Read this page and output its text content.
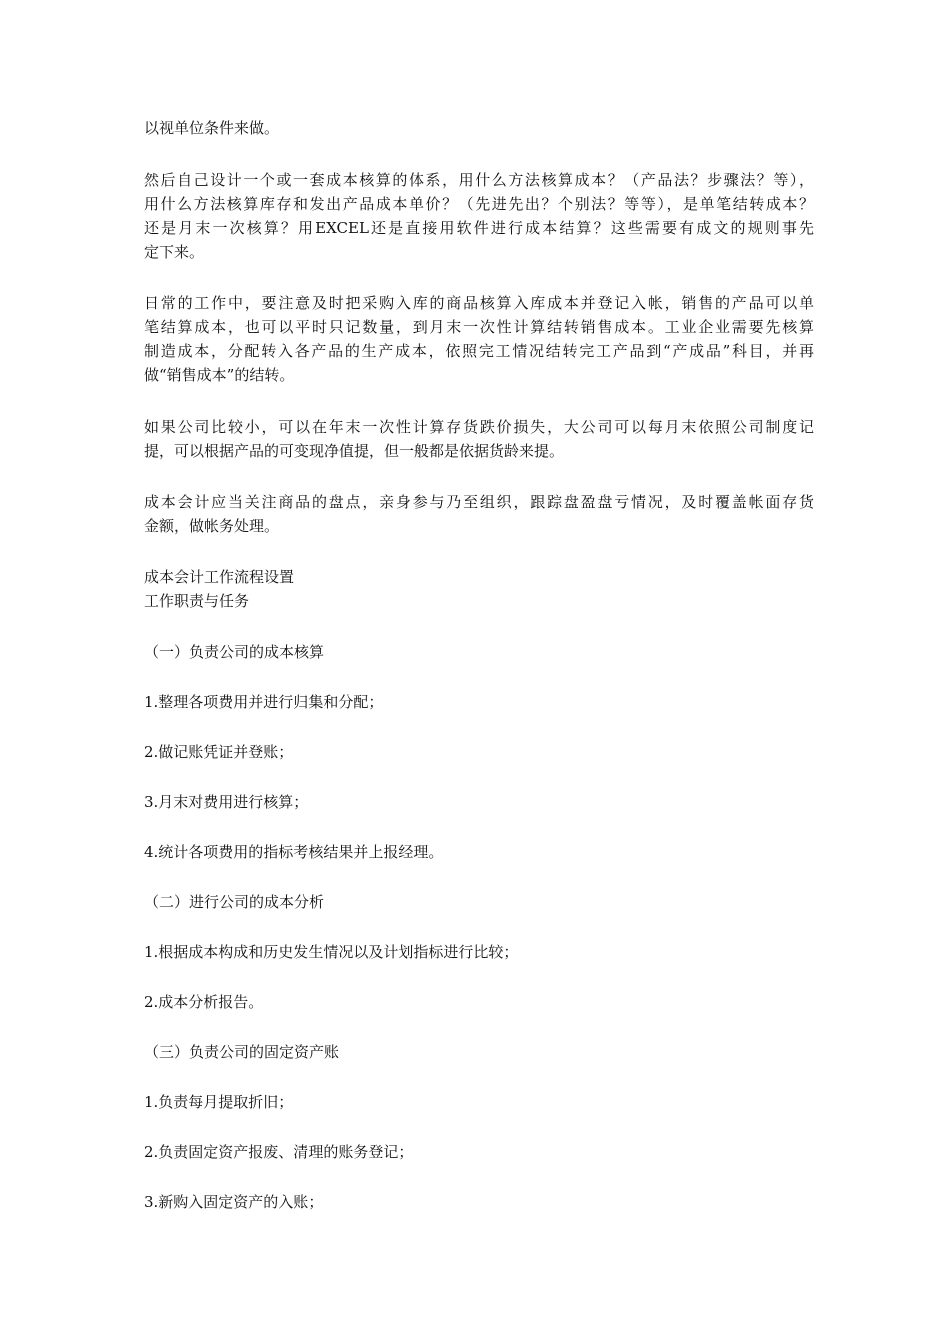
以视单位条件来做。
然后自己设计一个或一套成本核算的体系，用什么方法核算成本？（产品法？步骤法？等），
用什么方法核算库存和发出产品成本单价？（先进先出？个别法？等等），是单笔结转成本？
还是月末一次核算？用EXCEL还是直接用软件进行成本结算？这些需要有成文的规则事先
定下来。
日常的工作中，要注意及时把采购入库的商品核算入库成本并登记入帐，销售的产品可以单
笔结算成本，也可以平时只记数量，到月末一次性计算结转销售成本。工业企业需要先核算
制造成本，分配转入各产品的生产成本，依照完工情况结转完工产品到“产成品”科目，并再
做“销售成本”的结转。
如果公司比较小，可以在年末一次性计算存货跌价损失，大公司可以每月末依照公司制度记
提，可以根据产品的可变现净值提，但一般都是依据货龄来提。
成本会计应当关注商品的盘点，亲身参与乃至组织，跟踪盘盈盘亏情况，及时覆盖帐面存货
金额，做帐务处理。
成本会计工作流程设置
工作职责与任务
（一）负责公司的成本核算
1.整理各项费用并进行归集和分配；
2.做记账凭证并登账；
3.月末对费用进行核算；
4.统计各项费用的指标考核结果并上报经理。
（二）进行公司的成本分析
1.根据成本构成和历史发生情况以及计划指标进行比较；
2.成本分析报告。
（三）负责公司的固定资产账
1.负责每月提取折旧；
2.负责固定资产报废、清理的账务登记；
3.新购入固定资产的入账；
